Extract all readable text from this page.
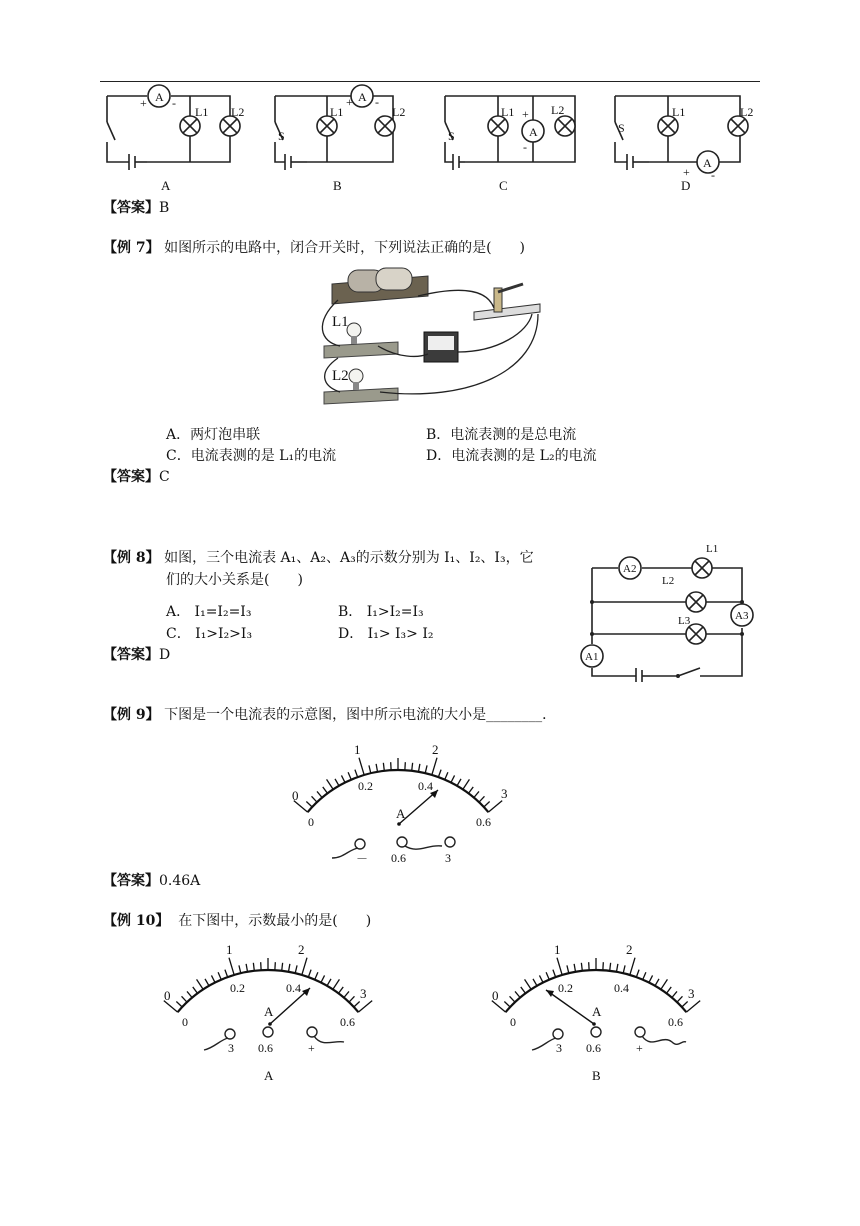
A
+ -
L1 L2
A
+ -
S
L1	L2
S
L1
A
+
-
L2
S
L1	L2
A
+ -
A	B	C	D
【答案】B
【例 7】 如图所示的电路中，闭合开关时，下列说法正确的是(　　)
L1
L2
A．两灯泡串联	B．电流表测的是总电流
C．电流表测的是 L₁的电流	D．电流表测的是 L₂的电流
【答案】C
【例 8】 如图，三个电流表 A₁、A₂、A₃的示数分别为 I₁、I₂、I₃，它
们的大小关系是(　　)
A． I₁=I₂=I₃	B． I₁>I₂=I₃
C． I₁>I₂>I₃	D． I₁> I₃> I₂
【答案】D
A2
L1
L2
A3
L3
A1
【例 9】 下图是一个电流表的示意图，图中所示电流的大小是________．
0
1	2
3
0
0.2	0.4
0.6
A
－ 0.6	3
【答案】0.46A
【例 10】 在下图中，示数最小的是(　　)
0
1	2
3
0
0.2	0.4
0.6
A
3 0.6	+
A
0
1	2
3
0
0.2	0.4
0.6
A
3 0.6	+
B
